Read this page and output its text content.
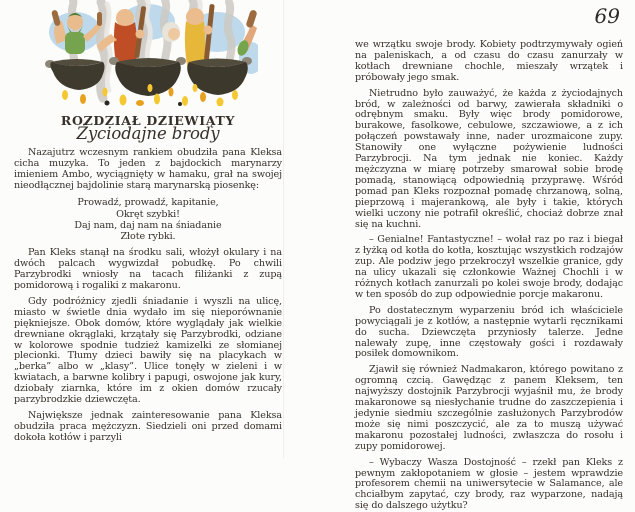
69
ROZDZIAŁ DZIEWIĄTY
Życiodajne brody

Nazajutrz wczesnym rankiem obudziła pana Kleksa cicha muzyka. To jeden z bajdockich marynarzy imieniem Ambo, wyciągnięty w hamaku, grał na swojej nieodłącznej bajdolinie starą marynarską piosenkę:

Prowadź, prowadź, kapitanie,
Okręt szybki!
Daj nam, daj nam na śniadanie
Złote rybki.

Pan Kleks stanął na środku sali, włożył okulary i na dwóch palcach wygwizdał pobudkę. Po chwili Parzybrodki wniosły na tacach filiżanki z zupą pomidorową i rogaliki z makaronu.

Gdy podróżnicy zjedli śniadanie i wyszli na ulicę, miasto w świetle dnia wydało im się nieporównanie piękniejsze. Obok domów, które wyglądały jak wielkie drewniane okrąglaki, krzątały się Parzybrodki, odziane w kolorowe spodnie tudzież kamizelki ze słomianej plecionki. Tłumy dzieci bawiły się na placykach w „berka” albo w „klasy”. Ulice tonęły w zieleni i w kwiatach, a barwne kolibry i papugi, oswojone jak kury, dziobały ziarnka, które im z okien domów rzucały parzybrodzkie dziewczęta.

Największe jednak zainteresowanie pana Kleksa obudziła praca mężczyzn. Siedzieli oni przed domami dokoła kotłów i parzyli

we wrzątku swoje brody. Kobiety podtrzymywały ogień na paleniskach, a od czasu do czasu zanurzały w kotłach drewniane chochle, mieszały wrzątek i próbowały jego smak.

Nietrudno było zauważyć, że każda z życiodajnych bród, w zależności od barwy, zawierała składniki o odrębnym smaku. Były więc brody pomidorowe, burakowe, fasolkowe, cebulowe, szczawiowe, a z ich połączeń powstawały inne, nader urozmaicone zupy. Stanowiły one wyłączne pożywienie ludności Parzybrocji. Na tym jednak nie koniec. Każdy mężczyzna w miarę potrzeby smarował sobie brodę pomadą, stanowiącą odpowiednią przyprawę. Wśród pomad pan Kleks rozpoznał pomadę chrzanową, solną, pieprzową i majerankową, ale były i takie, których wielki uczony nie potrafił określić, chociaż dobrze znał się na kuchni.

– Genialne! Fantastyczne! – wołał raz po raz i biegał z łyżką od kotła do kotła, kosztując wszystkich rodzajów zup. Ale podziw jego przekroczył wszelkie granice, gdy na ulicy ukazali się członkowie Ważnej Chochli i w różnych kotłach zanurzali po kolei swoje brody, dodając w ten sposób do zup odpowiednie porcje makaronu.

Po dostatecznym wyparzeniu bród ich właściciele powyciągali je z kotłów, a następnie wytarli ręcznikami do sucha. Dziewczęta przyniosły talerze. Jedne nalewały zupę, inne częstowały gości i rozdawały posiłek domownikom.

Zjawił się również Nadmakaron, którego powitano z ogromną czcią. Gawędząc z panem Kleksem, ten najwyższy dostojnik Parzybrocji wyjaśnił mu, że brody makaronowe są niesłychanie trudne do zaszczepienia i jedynie siedmiu szczególnie zasłużonych Parzybrodów może się nimi poszczycić, ale za to muszą używać makaronu pozostałej ludności, zwłaszcza do rosołu i zupy pomidorowej.

– Wybaczy Wasza Dostojność – rzekł pan Kleks z pewnym zakłopotaniem w głosie – jestem wprawdzie profesorem chemii na uniwersytecie w Salamance, ale chciałbym zapytać, czy brody, raz wyparzone, nadają się do dalszego użytku?
